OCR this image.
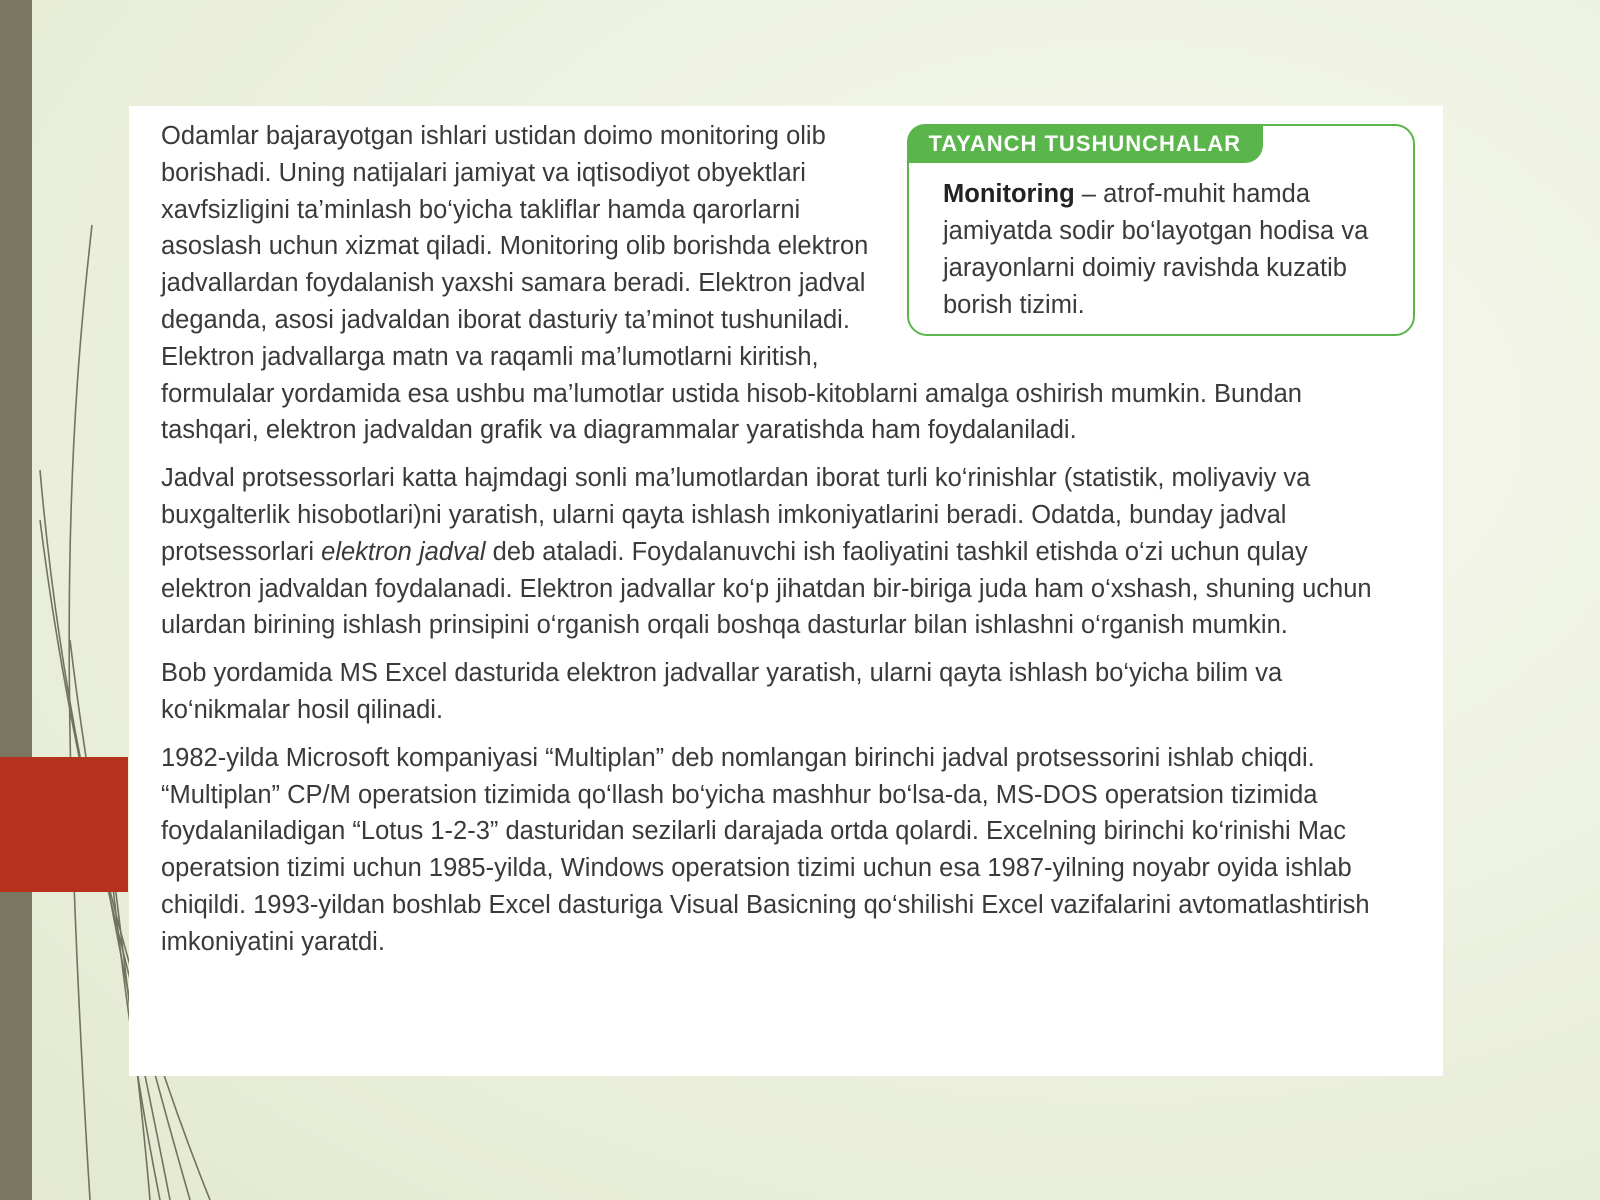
TAYANCH TUSHUNCHALAR
Monitoring – atrof-muhit hamda jamiyatda sodir bo‘layotgan hodisa va jarayonlarni doimiy ravishda kuzatib borish tizimi.

Odamlar bajarayotgan ishlari ustidan doimo monitoring olib borishadi. Uning natijalari jamiyat va iqtisodiyot obyektlari xavfsizligini ta’minlash bo‘yicha takliflar hamda qarorlarni asoslash uchun xizmat qiladi. Monitoring olib borishda elektron jadvallardan foydalanish yaxshi samara beradi. Elektron jadval deganda, asosi jadvaldan iborat dasturiy ta’minot tushuniladi. Elektron jadvallarga matn va raqamli ma’lumotlarni kiritish, formulalar yordamida esa ushbu ma’lumotlar ustida hisob-kitoblarni amalga oshirish mumkin. Bundan tashqari, elektron jadvaldan grafik va diagrammalar yaratishda ham foydalaniladi.

Jadval protsessorlari katta hajmdagi sonli ma’lumotlardan iborat turli ko‘rinishlar (statistik, moliyaviy va buxgalterlik hisobotlari)ni yaratish, ularni qayta ishlash imkoniyatlarini beradi. Odatda, bunday jadval protsessorlari elektron jadval deb ataladi. Foydalanuvchi ish faoliyatini tashkil etishda o‘zi uchun qulay elektron jadvaldan foydalanadi. Elektron jadvallar ko‘p jihatdan bir-biriga juda ham o‘xshash, shuning uchun ulardan birining ishlash prinsipini o‘rganish orqali boshqa dasturlar bilan ishlashni o‘rganish mumkin.

Bob yordamida MS Excel dasturida elektron jadvallar yaratish, ularni qayta ishlash bo‘yicha bilim va ko‘nikmalar hosil qilinadi.

1982-yilda Microsoft kompaniyasi “Multiplan” deb nomlangan birinchi jadval protsessorini ishlab chiqdi. “Multiplan” CP/M operatsion tizimida qo‘llash bo‘yicha mashhur bo‘lsa-da, MS-DOS operatsion tizimida foydalaniladigan “Lotus 1-2-3” dasturidan sezilarli darajada ortda qolardi. Excelning birinchi ko‘rinishi Mac operatsion tizimi uchun 1985-yilda, Windows operatsion tizimi uchun esa 1987-yilning noyabr oyida ishlab chiqildi. 1993-yildan boshlab Excel dasturiga Visual Basicning qo‘shilishi Excel vazifalarini avtomatlashtirish imkoniyatini yaratdi.
